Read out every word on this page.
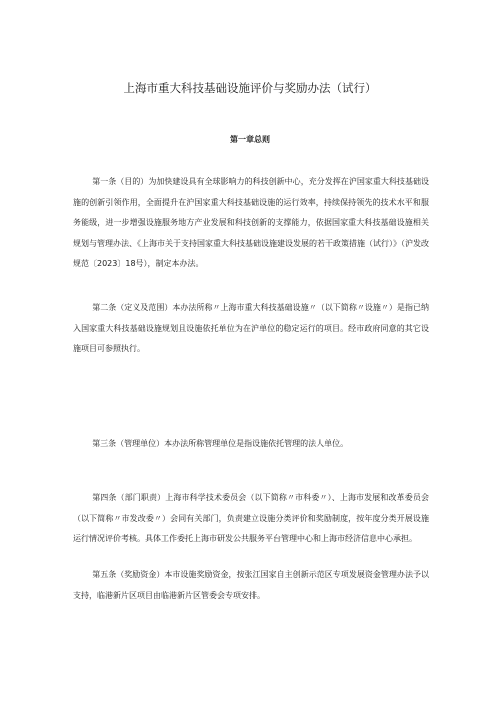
上海市重大科技基础设施评价与奖励办法（试行）
第一章总则

第一条（目的）为加快建设具有全球影响力的科技创新中心，充分发挥在沪国家重大科技基础设施的创新引领作用，全面提升在沪国家重大科技基础设施的运行效率，持续保持领先的技术水平和服务能级，进一步增强设施服务地方产业发展和科技创新的支撑能力，依据国家重大科技基础设施相关规划与管理办法、《上海市关于支持国家重大科技基础设施建设发展的若干政策措施（试行）》（沪发改规范〔2023〕18号），制定本办法。

第二条（定义及范围）本办法所称〃上海市重大科技基础设施〃（以下简称〃设施〃）是指已纳入国家重大科技基础设施规划且设施依托单位为在沪单位的稳定运行的项目。经市政府同意的其它设施项目可参照执行。

第三条（管理单位）本办法所称管理单位是指设施依托管理的法人单位。

第四条（部门职责）上海市科学技术委员会（以下简称〃市科委〃）、上海市发展和改革委员会（以下简称〃市发改委〃）会同有关部门，负责建立设施分类评价和奖励制度，按年度分类开展设施运行情况评价考核。具体工作委托上海市研发公共服务平台管理中心和上海市经济信息中心承担。

第五条（奖励资金）本市设施奖励资金，按张江国家自主创新示范区专项发展资金管理办法予以支持，临港新片区项目由临港新片区管委会专项安排。
